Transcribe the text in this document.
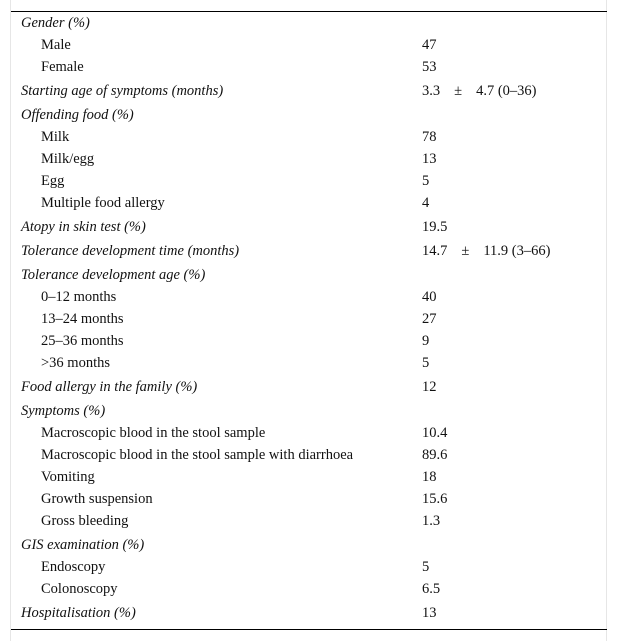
Gender (%)
Male	47
Female	53
Starting age of symptoms (months)	3.3 ± 4.7 (0–36)
Offending food (%)
Milk	78
Milk/egg	13
Egg	5
Multiple food allergy	4
Atopy in skin test (%)	19.5
Tolerance development time (months)	14.7 ± 11.9 (3–66)
Tolerance development age (%)
0–12 months	40
13–24 months	27
25–36 months	9
>36 months	5
Food allergy in the family (%)	12
Symptoms (%)
Macroscopic blood in the stool sample	10.4
Macroscopic blood in the stool sample with diarrhoea	89.6
Vomiting	18
Growth suspension	15.6
Gross bleeding	1.3
GIS examination (%)
Endoscopy	5
Colonoscopy	6.5
Hospitalisation (%)	13
